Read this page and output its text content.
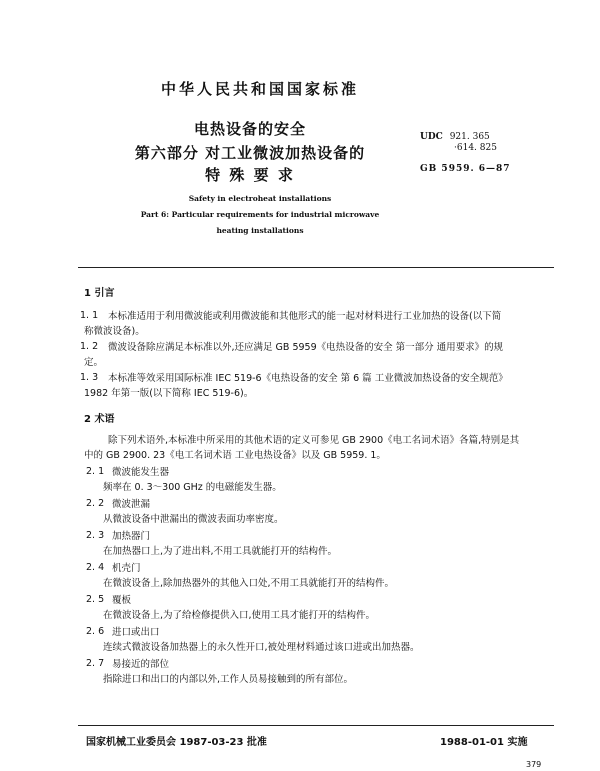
中华人民共和国国家标准
电热设备的安全
第六部分 对工业微波加热设备的
特 殊 要 求
Safety in electroheat installations
Part 6: Particular requirements for industrial microwave
heating installations
UDC 921. 365
·614. 825
GB 5959. 6—87
1 引言
1. 1 本标准适用于利用微波能或利用微波能和其他形式的能一起对材料进行工业加热的设备(以下简
称微波设备)。
1. 2 微波设备除应满足本标准以外,还应满足 GB 5959《电热设备的安全 第一部分 通用要求》的规
定。
1. 3 本标准等效采用国际标准 IEC 519-6《电热设备的安全 第 6 篇 工业微波加热设备的安全规范》
1982 年第一版(以下简称 IEC 519-6)。
2 术语
除下列术语外,本标准中所采用的其他术语的定义可参见 GB 2900《电工名词术语》各篇,特别是其
中的 GB 2900. 23《电工名词术语 工业电热设备》以及 GB 5959. 1。
2. 1 微波能发生器
频率在 0. 3～300 GHz 的电磁能发生器。
2. 2 微波泄漏
从微波设备中泄漏出的微波表面功率密度。
2. 3 加热器门
在加热器口上,为了进出料,不用工具就能打开的结构件。
2. 4 机壳门
在微波设备上,除加热器外的其他入口处,不用工具就能打开的结构件。
2. 5 覆板
在微波设备上,为了给检修提供入口,使用工具才能打开的结构件。
2. 6 进口或出口
连续式微波设备加热器上的永久性开口,被处理材料通过该口进或出加热器。
2. 7 易接近的部位
指除进口和出口的内部以外,工作人员易接触到的所有部位。
国家机械工业委员会 1987-03-23 批准	1988-01-01 实施
379
